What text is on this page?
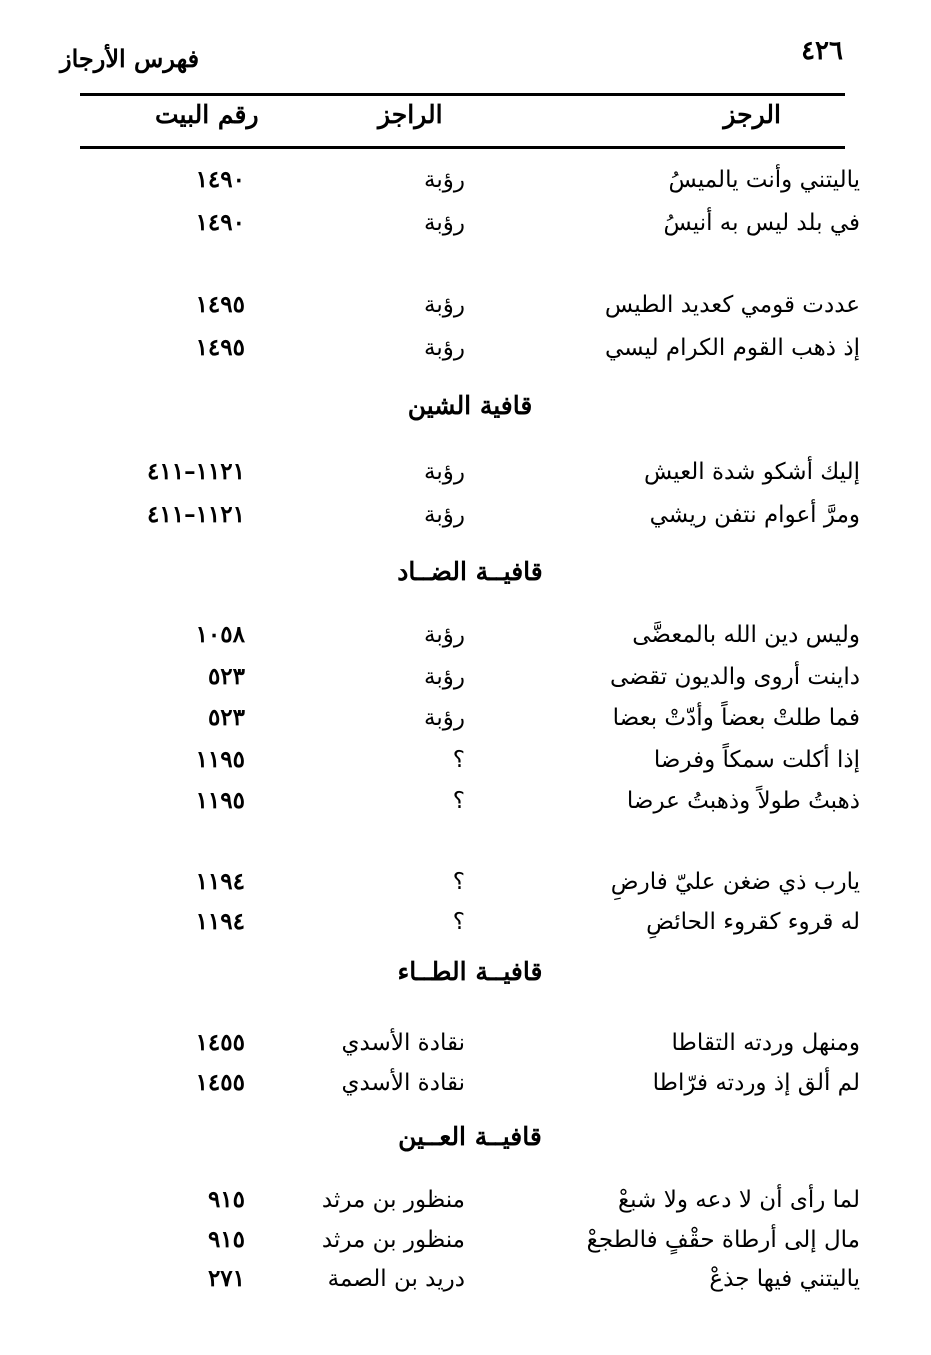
٤٢٦
فهرس الأرجاز
الرجز
الراجز
رقم البيت
ياليتني وأنت يالميسُ
رؤبة
١٤٩٠
في بلد ليس به أنيسُ
رؤبة
١٤٩٠
عددت قومي كعديد الطيس
رؤبة
١٤٩٥
إذ ذهب القوم الكرام ليسي
رؤبة
١٤٩٥
قافية الشين
إليك أشكو شدة العيش
رؤبة
١١٢١–٤١١
ومرَّ أعوام نتفن ريشي
رؤبة
١١٢١–٤١١
قافيــة الضــاد
وليس دين الله بالمعضَّى
رؤبة
١٠٥٨
داينت أروى والديون تقضى
رؤبة
٥٢٣
فما طلتْ بعضاً وأدّتْ بعضا
رؤبة
٥٢٣
إذا أكلت سمكاً وفرضا
؟
١١٩٥
ذهبتُ طولاً وذهبتُ عرضا
؟
١١٩٥
يارب ذي ضغن عليّ فارضِ
؟
١١٩٤
له قروء كقروء الحائضِ
؟
١١٩٤
قافيــة الطــاء
ومنهل وردته التقاطا
نقادة الأسدي
١٤٥٥
لم ألق إذ وردته فرّاطا
نقادة الأسدي
١٤٥٥
قافيــة العــين
لما رأى أن لا دعه ولا شبعْ
منظور بن مرثد
٩١٥
مال إلى أرطاة حقْفٍ فالطجعْ
منظور بن مرثد
٩١٥
ياليتني فيها جذعْ
دريد بن الصمة
٢٧١
